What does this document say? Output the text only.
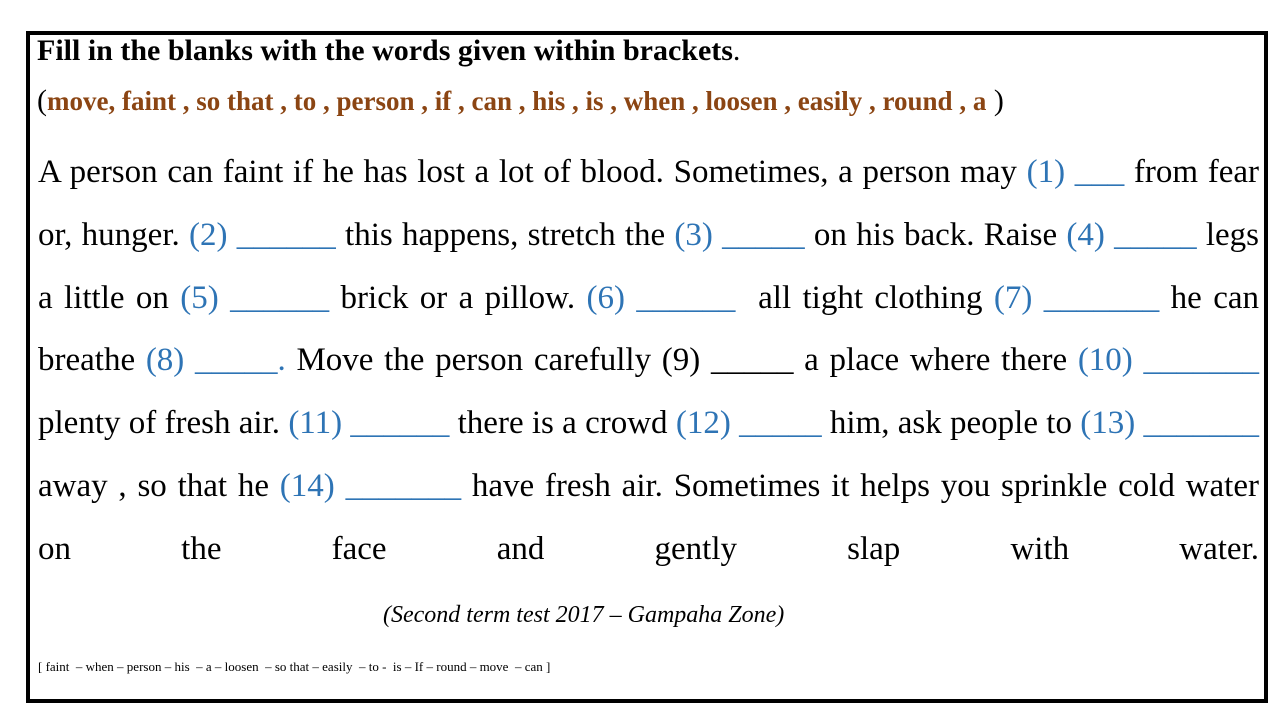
Fill in the blanks with the words given within brackets.
(move, faint , so that , to , person , if , can , his , is , when , loosen , easily , round , a )
A person can faint if he has lost a lot of blood. Sometimes, a person may (1) ___ from fear or, hunger. (2) ______ this happens, stretch the (3) _____ on his back. Raise (4) _____ legs a little on (5) ______ brick or a pillow. (6) ______  all tight clothing (7) _______ he can breathe (8) _____. Move the person carefully (9) _____ a place where there (10) _______ plenty of fresh air. (11) ______ there is a crowd (12) _____ him, ask people to (13) _______ away , so that he (14) _______ have fresh air. Sometimes it helps you sprinkle cold water on the face and gently slap with water.(Second term test 2017 – Gampaha Zone)
[ faint  – when – person – his  – a – loosen  – so that – easily  – to -  is – If – round – move  – can ]
